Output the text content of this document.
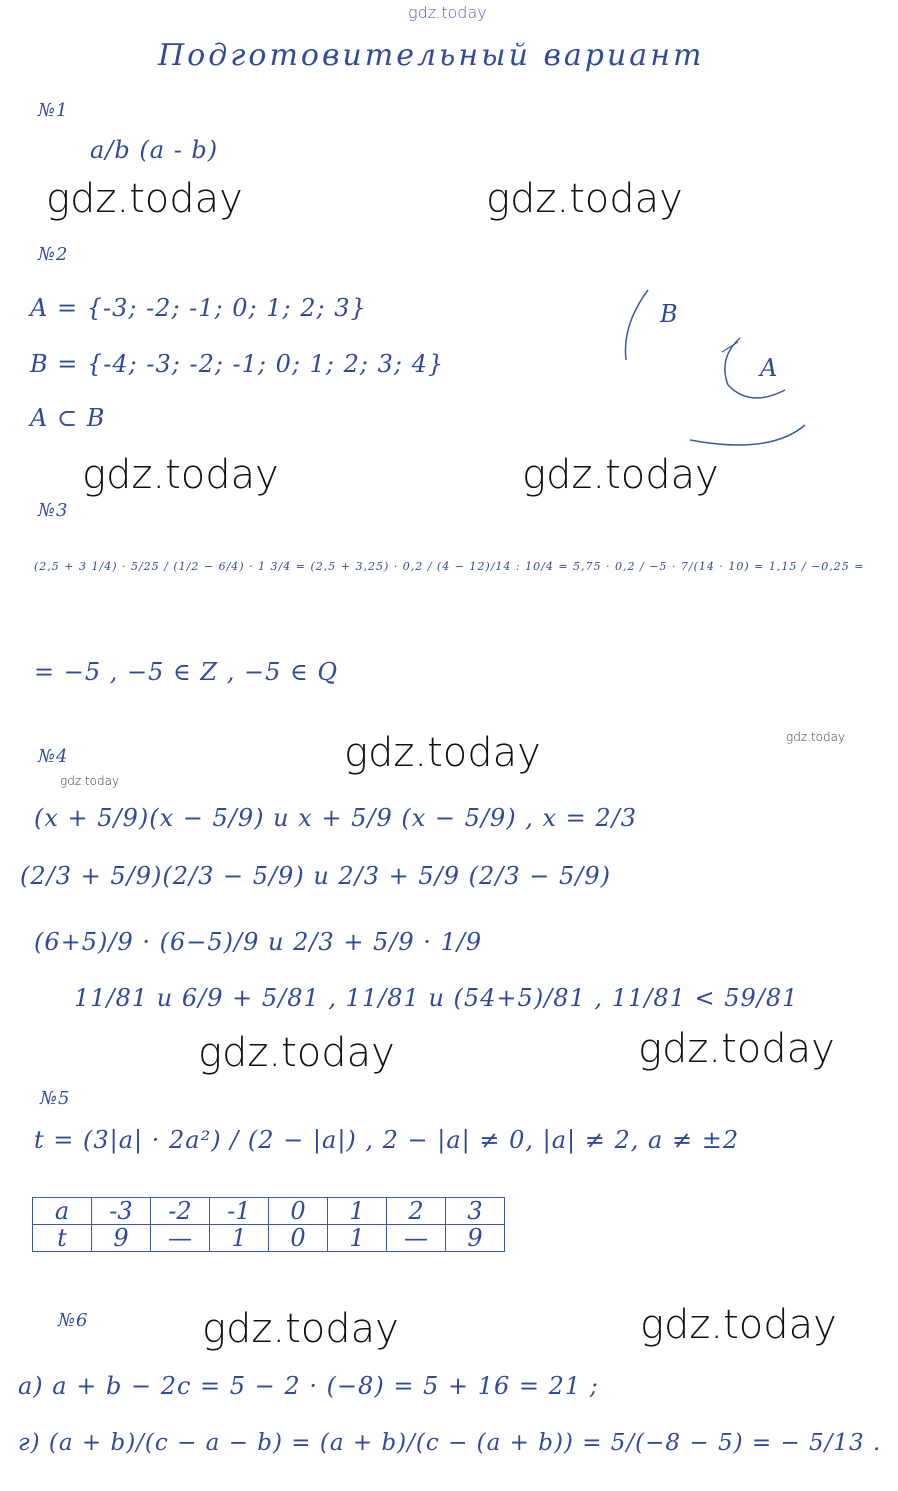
gdz.today
Подготовительный вариант
№1
a/b (a - b)
gdz.today	gdz.today
№2
A = {-3; -2; -1; 0; 1; 2; 3}
B = {-4; -3; -2; -1; 0; 1; 2; 3; 4}
A ⊂ B
B
A
gdz.today	gdz.today
№3
(2,5 + 3 1/4) · 5/25 / (1/2 − 6/4) · 1 3/4 = (2,5 + 3,25) · 0,2 / (4 − 12)/14 : 10/4 = 5,75 · 0,2 / −5 · 7/(14 · 10) = 1,15 / −0,25 =
= −5 , −5 ∈ Z , −5 ∈ Q
gdz.today	gdz.today
№4
gdz.today
(x + 5/9)(x − 5/9) и x + 5/9 (x − 5/9) , x = 2/3
(2/3 + 5/9)(2/3 − 5/9) и 2/3 + 5/9 (2/3 − 5/9)
(6+5)/9 · (6−5)/9 и 2/3 + 5/9 · 1/9
11/81 и 6/9 + 5/81 , 11/81 и (54+5)/81 , 11/81 < 59/81
gdz.today	gdz.today
№5
t = (3|a| · 2a²) / (2 − |a|) , 2 − |a| ≠ 0, |a| ≠ 2, a ≠ ±2
a	-3	-2	-1	0	1	2	3
t	9	—	1	0	1	—	9
№6	gdz.today	gdz.today
а) a + b − 2c = 5 − 2 · (−8) = 5 + 16 = 21 ;
г) (a + b)/(c − a − b) = (a + b)/(c − (a + b)) = 5/(−8 − 5) = − 5/13 .
